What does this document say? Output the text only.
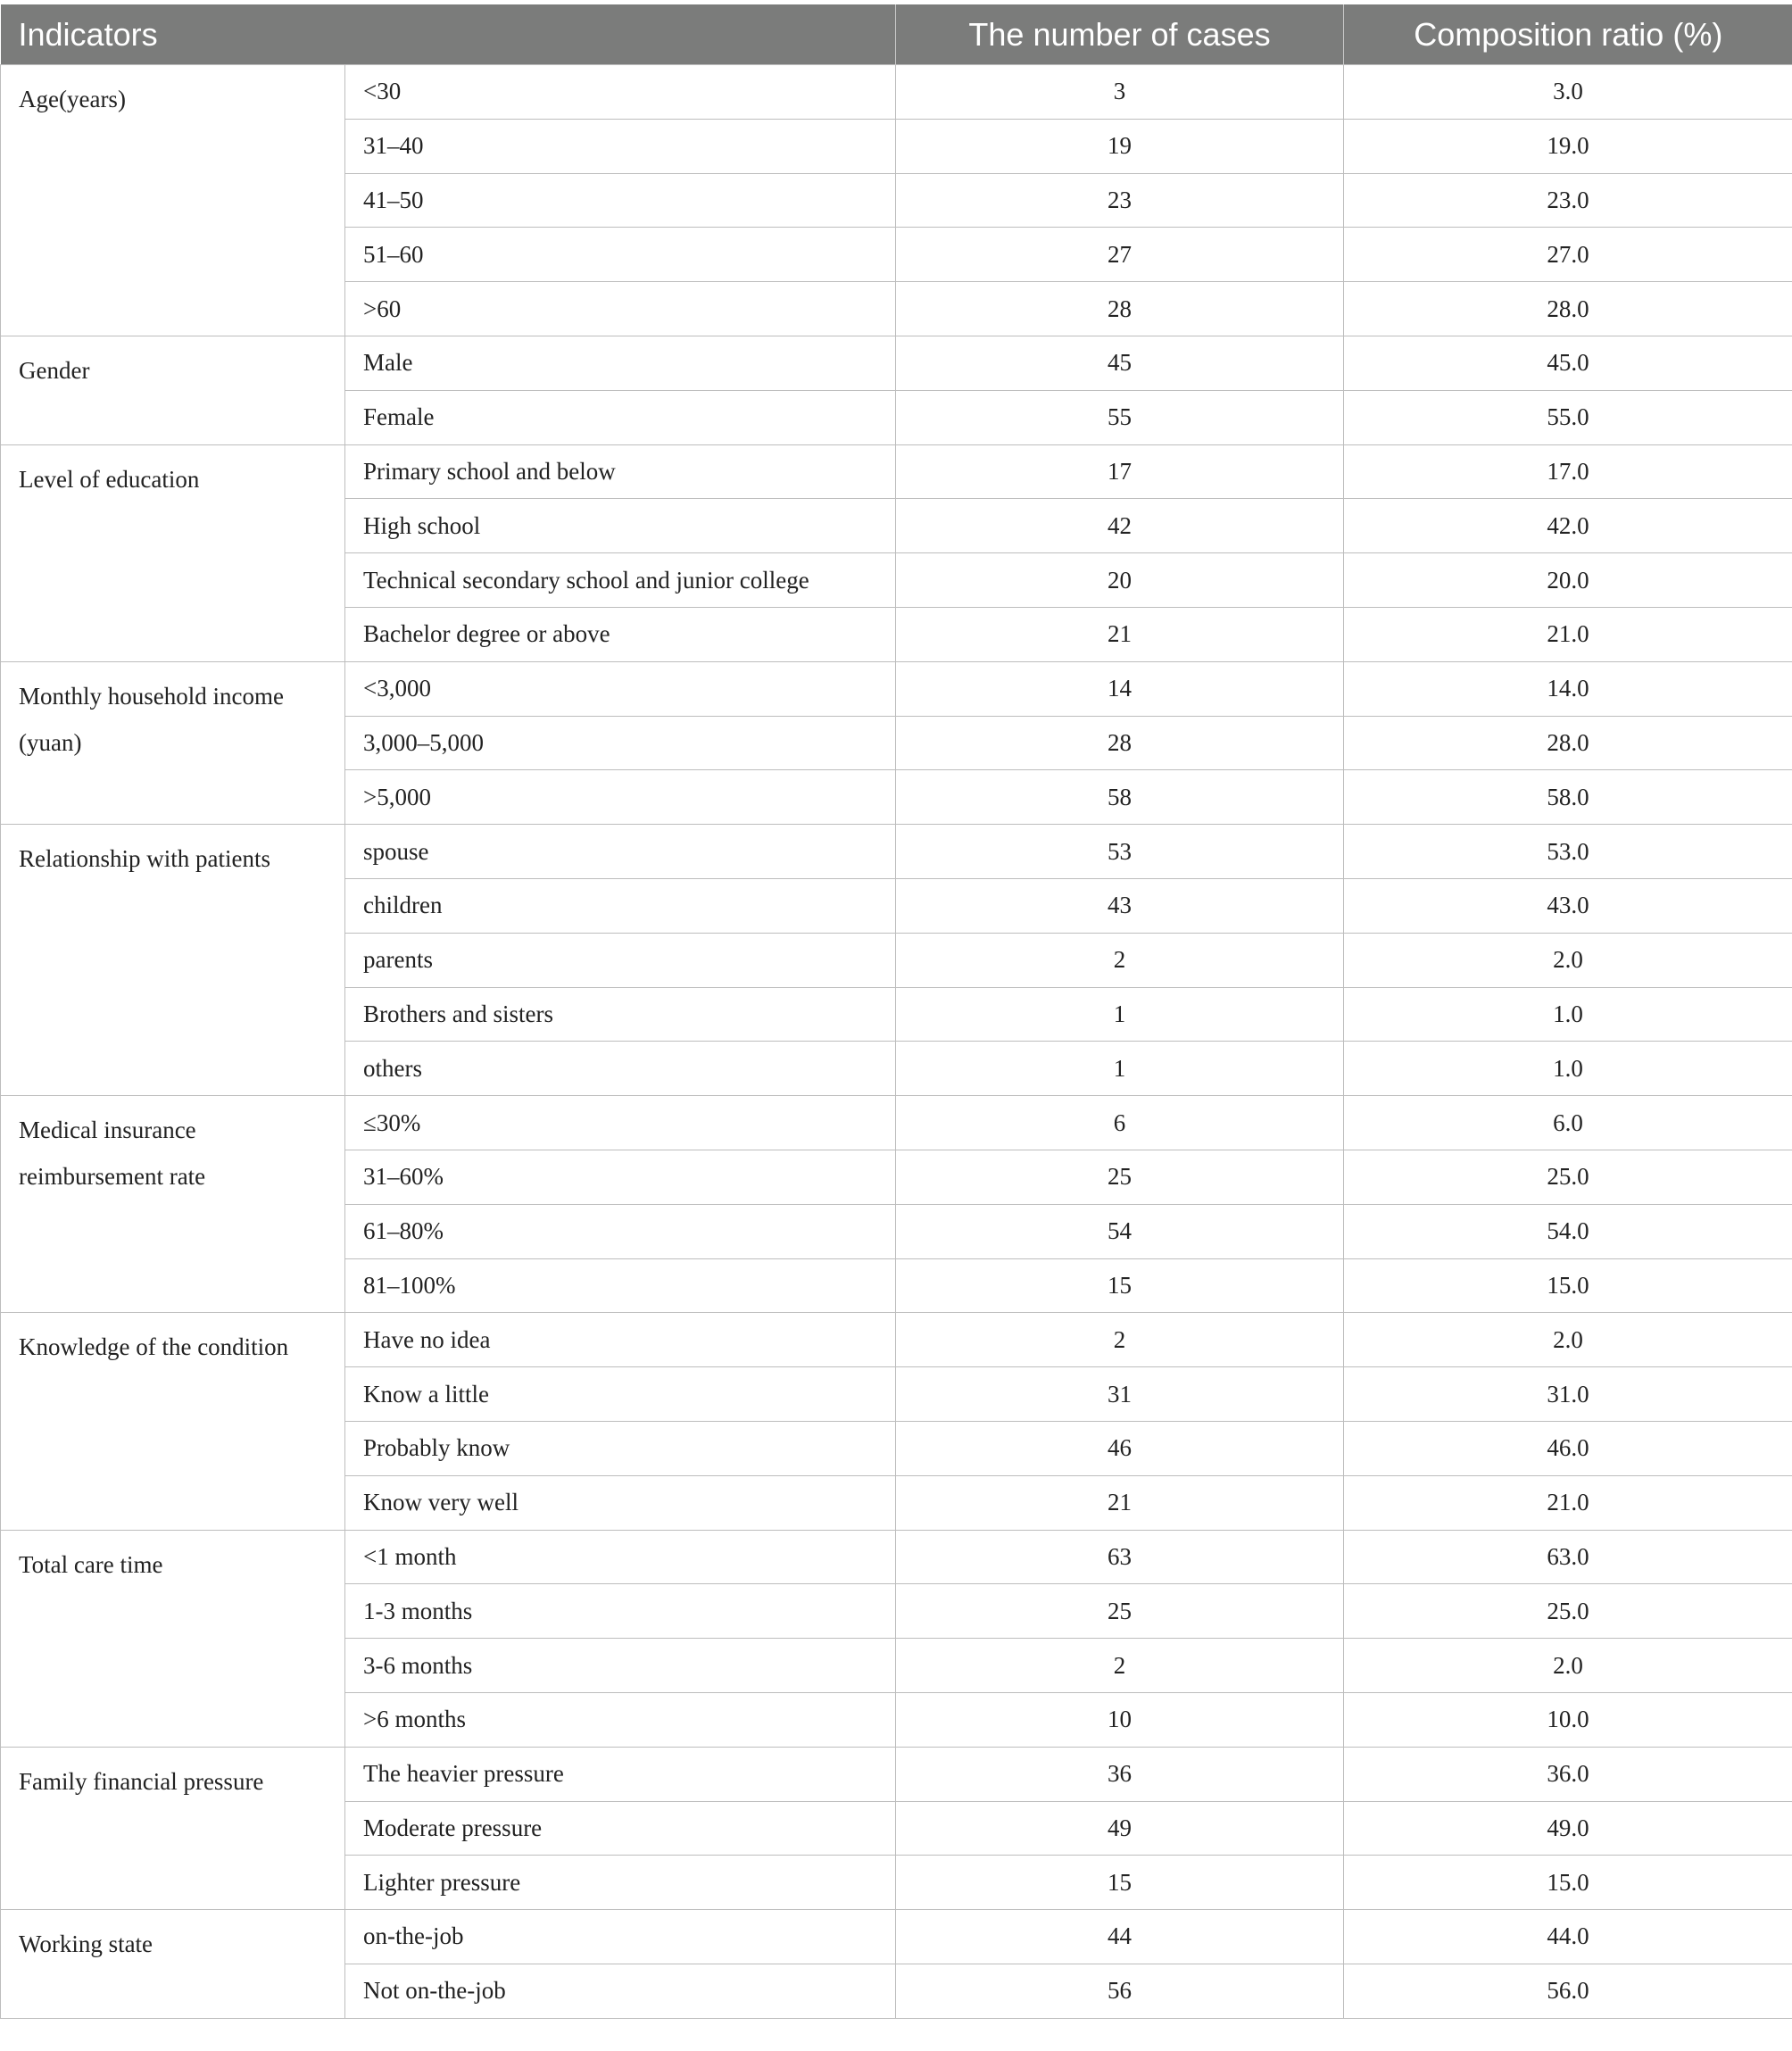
Indicators		The number of cases	Composition ratio (%)
Age(years)	<30	3	3.0
	31–40	19	19.0
	41–50	23	23.0
	51–60	27	27.0
	>60	28	28.0
Gender	Male	45	45.0
	Female	55	55.0
Level of education	Primary school and below	17	17.0
	High school	42	42.0
	Technical secondary school and junior college	20	20.0
	Bachelor degree or above	21	21.0
Monthly household income (yuan)	<3,000	14	14.0
	3,000–5,000	28	28.0
	>5,000	58	58.0
Relationship with patients	spouse	53	53.0
	children	43	43.0
	parents	2	2.0
	Brothers and sisters	1	1.0
	others	1	1.0
Medical insurance reimbursement rate	≤30%	6	6.0
	31–60%	25	25.0
	61–80%	54	54.0
	81–100%	15	15.0
Knowledge of the condition	Have no idea	2	2.0
	Know a little	31	31.0
	Probably know	46	46.0
	Know very well	21	21.0
Total care time	<1 month	63	63.0
	1-3 months	25	25.0
	3-6 months	2	2.0
	>6 months	10	10.0
Family financial pressure	The heavier pressure	36	36.0
	Moderate pressure	49	49.0
	Lighter pressure	15	15.0
Working state	on-the-job	44	44.0
	Not on-the-job	56	56.0
